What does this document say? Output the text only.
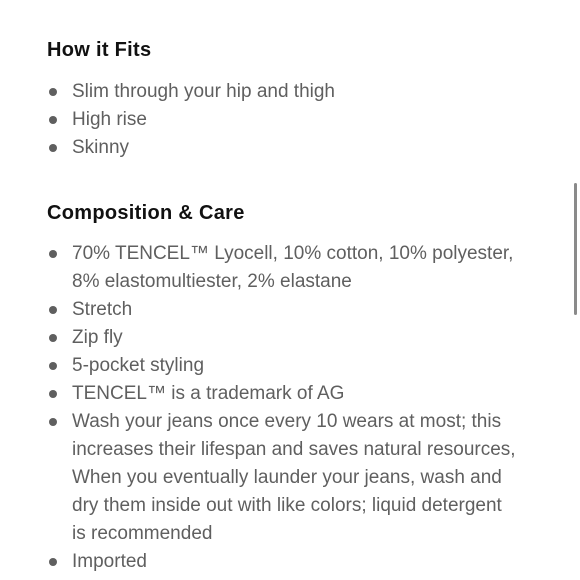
How it Fits
Slim through your hip and thigh
High rise
Skinny
Composition & Care
70% TENCEL™ Lyocell, 10% cotton, 10% polyester, 8% elastomultiester, 2% elastane
Stretch
Zip fly
5-pocket styling
TENCEL™ is a trademark of AG
Wash your jeans once every 10 wears at most; this increases their lifespan and saves natural resources, When you eventually launder your jeans, wash and dry them inside out with like colors; liquid detergent is recommended
Imported
